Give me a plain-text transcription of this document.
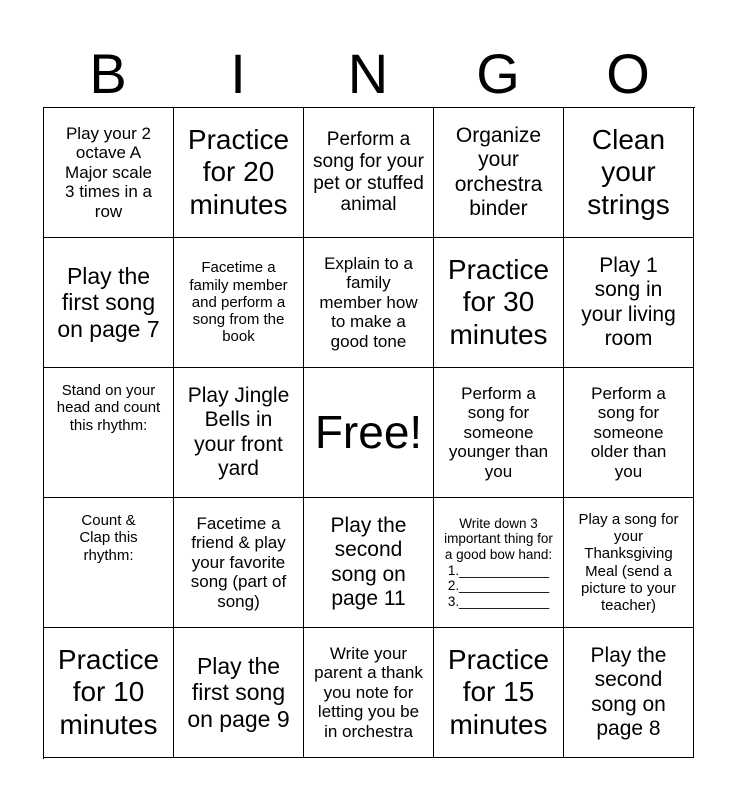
B	I	N	G	O
Play your 2
octave A
Major scale
3 times in a
row
Practice
for 20
minutes
Perform a
song for your
pet or stuffed
animal
Organize
your
orchestra
binder
Clean
your
strings
Play the
first song
on page 7
Facetime a
family member
and perform a
song from the
book
Explain to a
family
member how
to make a
good tone
Practice
for 30
minutes
Play 1
song in
your living
room
Stand on your
head and count
this rhythm:
Play Jingle
Bells in
your front
yard
Free!
Perform a
song for
someone
younger than
you
Perform a
song for
someone
older than
you
Count &
Clap this
rhythm:
Facetime a
friend & play
your favorite
song (part of
song)
Play the
second
song on
page 11
Write down 3
important thing for
a good bow hand:
1.____________
2.____________
3.____________
Play a song for
your
Thanksgiving
Meal (send a
picture to your
teacher)
Practice
for 10
minutes
Play the
first song
on page 9
Write your
parent a thank
you note for
letting you be
in orchestra
Practice
for 15
minutes
Play the
second
song on
page 8
